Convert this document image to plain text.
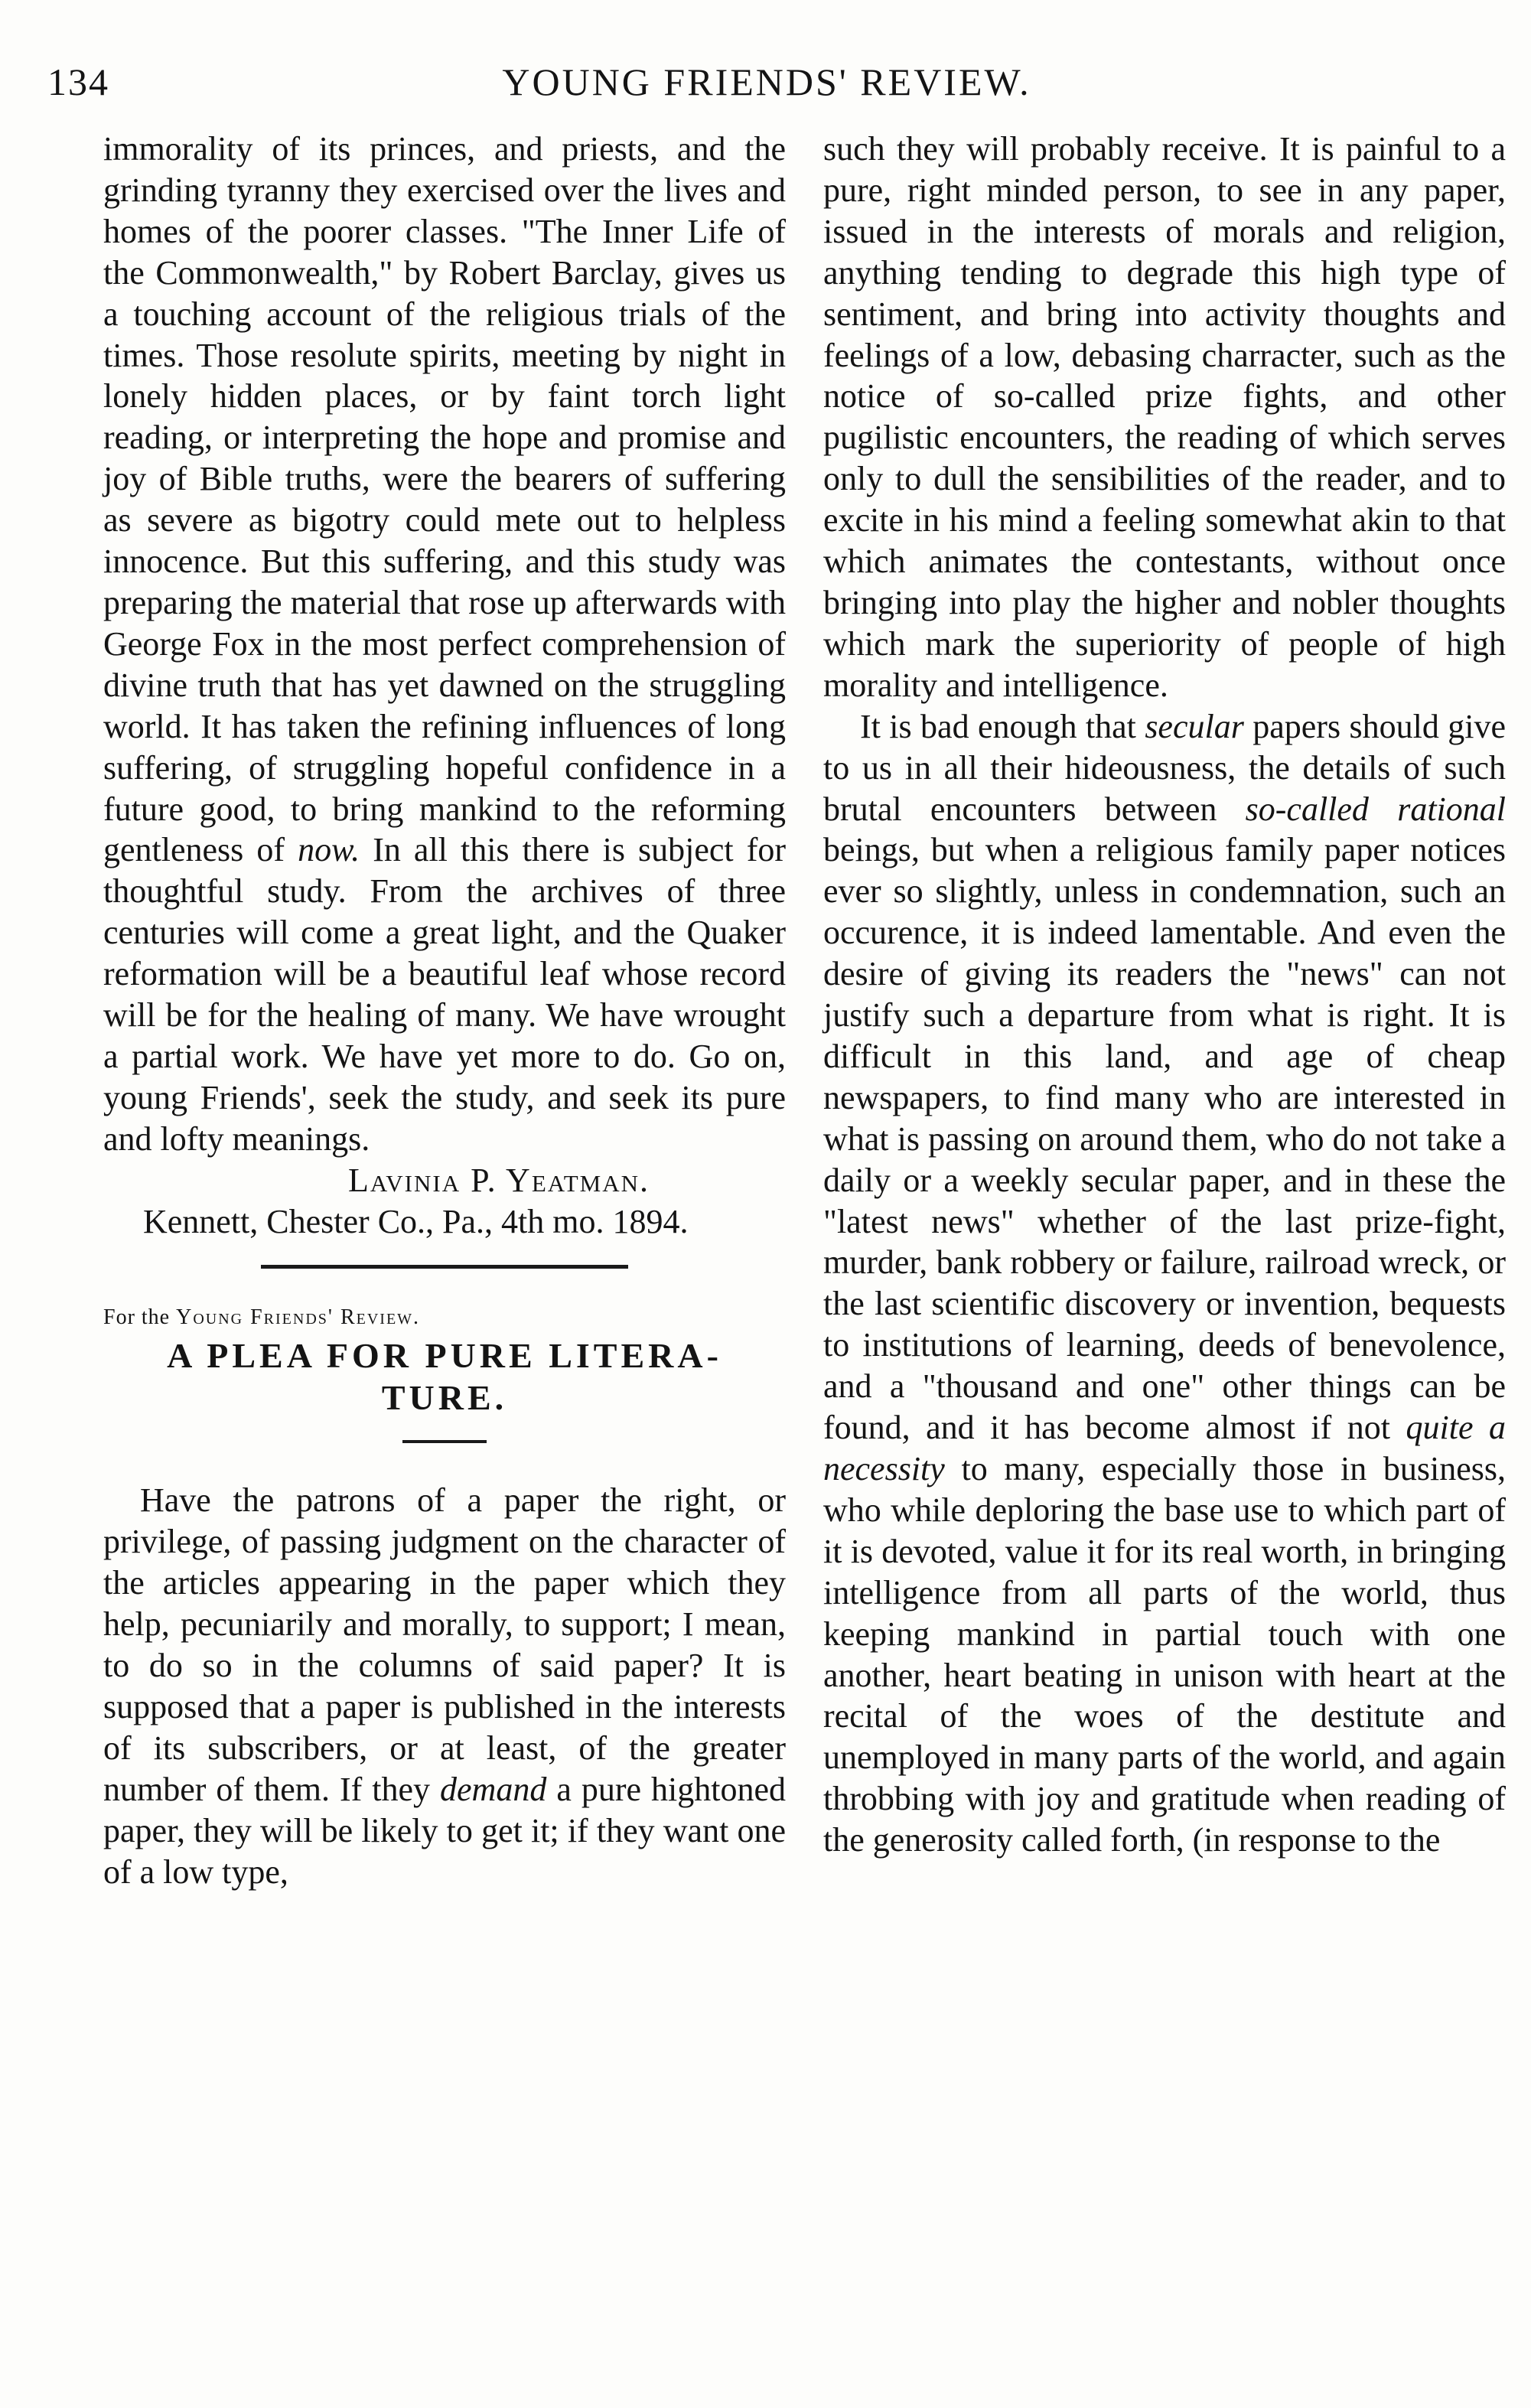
134	YOUNG FRIENDS' REVIEW.

immorality of its princes, and priests, and the grinding tyranny they exercised over the lives and homes of the poorer classes. "The Inner Life of the Commonwealth," by Robert Barclay, gives us a touching account of the religious trials of the times. Those resolute spirits, meeting by night in lonely hidden places, or by faint torch light reading, or interpreting the hope and promise and joy of Bible truths, were the bearers of suffering as severe as bigotry could mete out to helpless innocence. But this suffering, and this study was preparing the material that rose up afterwards with George Fox in the most perfect comprehension of divine truth that has yet dawned on the struggling world. It has taken the refining influences of long suffering, of struggling hopeful confidence in a future good, to bring mankind to the reforming gentleness of now. In all this there is subject for thoughtful study. From the archives of three centuries will come a great light, and the Quaker reformation will be a beautiful leaf whose record will be for the healing of many. We have wrought a partial work. We have yet more to do. Go on, young Friends', seek the study, and seek its pure and lofty meanings.

Lavinia P. Yeatman.

Kennett, Chester Co., Pa., 4th mo. 1894.

For the Young Friends' Review.

A PLEA FOR PURE LITERA-
TURE.

Have the patrons of a paper the right, or privilege, of passing judgment on the character of the articles appearing in the paper which they help, pecuniarily and morally, to support; I mean, to do so in the columns of said paper? It is supposed that a paper is published in the interests of its subscribers, or at least, of the greater number of them. If they demand a pure hightoned paper, they will be likely to get it; if they want one of a low type,

such they will probably receive. It is painful to a pure, right minded person, to see in any paper, issued in the interests of morals and religion, anything tending to degrade this high type of sentiment, and bring into activity thoughts and feelings of a low, debasing charracter, such as the notice of so-called prize fights, and other pugilistic encounters, the reading of which serves only to dull the sensibilities of the reader, and to excite in his mind a feeling somewhat akin to that which animates the contestants, without once bringing into play the higher and nobler thoughts which mark the superiority of people of high morality and intelligence.

It is bad enough that secular papers should give to us in all their hideousness, the details of such brutal encounters between so-called rational beings, but when a religious family paper notices ever so slightly, unless in condemnation, such an occurence, it is indeed lamentable. And even the desire of giving its readers the "news" can not justify such a departure from what is right. It is difficult in this land, and age of cheap newspapers, to find many who are interested in what is passing on around them, who do not take a daily or a weekly secular paper, and in these the "latest news" whether of the last prize-fight, murder, bank robbery or failure, railroad wreck, or the last scientific discovery or invention, bequests to institutions of learning, deeds of benevolence, and a "thousand and one" other things can be found, and it has become almost if not quite a necessity to many, especially those in business, who while deploring the base use to which part of it is devoted, value it for its real worth, in bringing intelligence from all parts of the world, thus keeping mankind in partial touch with one another, heart beating in unison with heart at the recital of the woes of the destitute and unemployed in many parts of the world, and again throbbing with joy and gratitude when reading of the generosity called forth, (in response to the
